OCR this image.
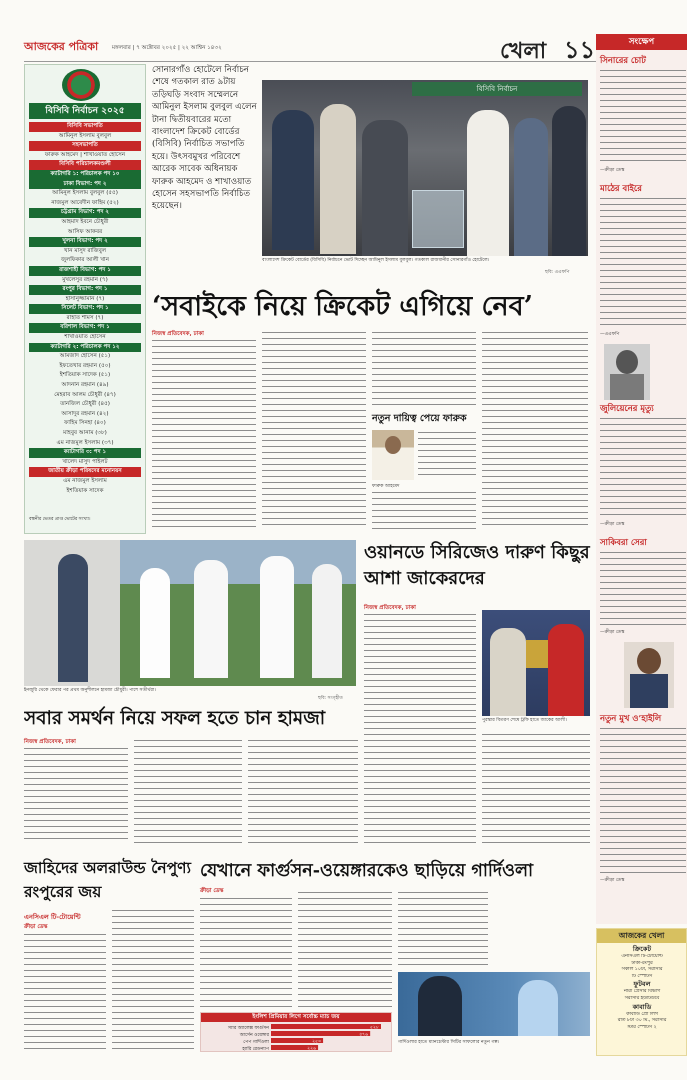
আজকের পত্রিকা	মঙ্গলবার | ৭ অক্টোবর ২০২৫ | ২২ আশ্বিন ১৪৩২	খেলা ১১
বিসিবি নির্বাচন ২০২৫
বিসিবি সভাপতি
আমিনুল ইসলাম বুলবুল
সহসভাপতি
ফারুক আহমেদ | শাখাওয়াত হোসেন
বিসিবি পরিচালকমণ্ডলী
ক্যাটাগরি ১: পরিচালক পদ ১০
ঢাকা বিভাগ: পদ ২
আমিনুল ইসলাম বুলবুল (৫৫)
নাজমুল আবেদীন ফাহিম (৫২)
চট্টগ্রাম বিভাগ: পদ ২
আহমাদ ইবনে চৌধুরী
আসিফ আকবর
খুলনা বিভাগ: পদ ২
খান মাসুদ রাজিবুল
জুলফিকার আলী খান
রাজশাহী বিভাগ: পদ ১
মুখলেসুর রহমান (৭)
রংপুর বিভাগ: পদ ১
হাসানুজ্জামান (৭)
সিলেট বিভাগ: পদ ১
রাহাত শামস (৭)
বরিশাল বিভাগ: পদ ১
শাখাওয়াত হোসেন
ক্যাটাগরি ২: পরিচালক পদ ১২
আমজাদ হোসেন (৫১)
ইফতেখার রহমান (৫০)
ইশতিয়াক সাদেক (৫১)
আদনান রহমান (৪৯)
মেহরাব আলম চৌধুরী (৪৭)
তানজিল চৌধুরী (৪৫)
আসাদুর রহমান (৪২)
ফাহিম সিনহা (৪০)
মাহবুব আনাম (৩৮)
এম নাজমুল ইসলাম (৩৭)
ক্যাটাগরি ৩: পদ ১
খালেদ মাসুদ পাইলট
জাতীয় ক্রীড়া পরিষদের মনোনয়ন
এম নাজমুল ইসলাম
ইশতিয়াক সাদেক
বন্ধনীর ভেতর প্রাপ্ত ভোটের সংখ্যা।
সোনারগাঁও হোটেলে নির্বাচন শেষে গতকাল রাত ৯টায় তড়িঘড়ি সংবাদ সম্মেলনে আমিনুল ইসলাম বুলবুল এলেন টানা দ্বিতীয়বারের মতো বাংলাদেশ ক্রিকেট বোর্ডের (বিসিবি) নির্বাচিত সভাপতি হয়ে। উৎসবমুখর পরিবেশে আরেক সাবেক অধিনায়ক ফারুক আহমেদ ও শাখাওয়াত হোসেন সহসভাপতি নির্বাচিত হয়েছেন।
বিসিবি নির্বাচন
বাংলাদেশ ক্রিকেট বোর্ডের (বিসিবি) নির্বাচনে ভোট দিচ্ছেন আমিনুল ইসলাম বুলবুল। গতকাল রাজধানীর সোনারগাঁও হোটেলে।
ছবি: এএফপি
‘সবাইকে নিয়ে ক্রিকেট এগিয়ে নেব’
নিজস্ব প্রতিবেদক, ঢাকা
নতুন দায়িত্ব পেয়ে ফারুক
ফারুক আহমেদ
ইনজুরি থেকে ফেরার পর প্রথম অনুশীলনে হামজা চৌধুরী। পাশে সতীর্থরা।
ছবি: সংগৃহীত
সবার সমর্থন নিয়ে সফল হতে চান হামজা
নিজস্ব প্রতিবেদক, ঢাকা
ওয়ানডে সিরিজেও দারুণ কিছুর আশা জাকেরদের
নিজস্ব প্রতিবেদক, ঢাকা
পুরস্কার বিতরণ শেষে ট্রফি হাতে জাকের আলী।
জাহিদের অলরাউন্ড নৈপুণ্য রংপুরের জয়
এনসিএল টি-টোয়েন্টি
ক্রীড়া ডেস্ক
যেখানে ফার্গুসন-ওয়েঙ্গারকেও ছাড়িয়ে গার্দিওলা
ক্রীড়া ডেস্ক
গার্দিওলার হাতে ম্যানচেস্টার সিটির সাফল্যের নতুন গল্প।
ইংলিশ প্রিমিয়ার লিগে সর্বোচ্চ ম্যাচ জয়
স্যার অ্যালেক্স ফার্গুসন	৫২৮
আর্সেন ওয়েঙ্গার	৪৭৬
পেপ গার্দিওলা	২৫০
হ্যারি রেডন্যাপ	২২৬
সংক্ষেপ
সিনারের চোট
—ক্রীড়া ডেস্ক
মাঠের বাইরে
—এএফপি
জুলিয়েনের মৃত্যু
—ক্রীড়া ডেস্ক
সাকিবরা সেরা
—ক্রীড়া ডেস্ক
নতুন মুখ ও’হাইলি
—ক্রীড়া ডেস্ক
আজকের খেলা
ক্রিকেট
এনসিএল টি-টোয়েন্টি
ঢাকা-রংপুর
সকাল ১০টা, সরাসরি
টি স্পোর্টস
ফুটবল
নারী প্রেসার বিভাগ
সরাসরি ইউটিউবে
কাবাডি
কাবাডি প্রো লিগ
রাত ৮টা ৩০ মি., সরাসরি
স্টার স্পোর্টস ২
